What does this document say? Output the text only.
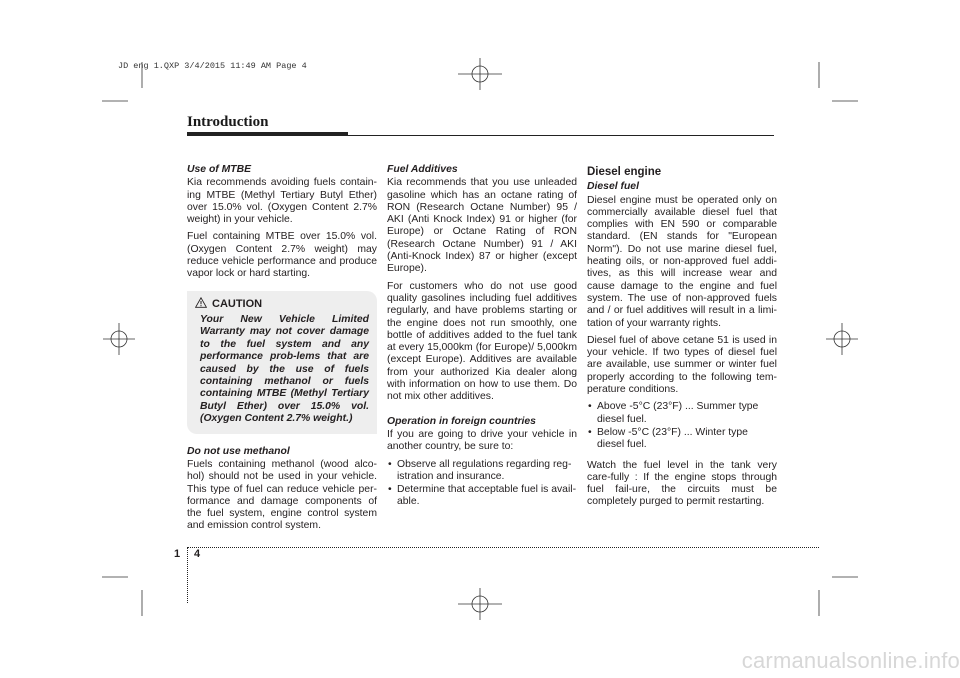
JD eng 1.QXP 3/4/2015 11:49 AM Page 4
Introduction
Use of MTBE

Kia recommends avoiding fuels contain-ing MTBE (Methyl Tertiary Butyl Ether) over 15.0% vol. (Oxygen Content 2.7% weight) in your vehicle.

Fuel containing MTBE over 15.0% vol. (Oxygen Content 2.7% weight) may reduce vehicle performance and produce vapor lock or hard starting.

CAUTION
Your New Vehicle Limited Warranty may not cover damage to the fuel system and any performance prob-lems that are caused by the use of fuels containing methanol or fuels containing MTBE (Methyl Tertiary Butyl Ether) over 15.0% vol. (Oxygen Content 2.7% weight.)
Do not use methanol

Fuels containing methanol (wood alco-hol) should not be used in your vehicle. This type of fuel can reduce vehicle per-formance and damage components of the fuel system, engine control system and emission control system.

Fuel Additives

Kia recommends that you use unleaded gasoline which has an octane rating of RON (Research Octane Number) 95 / AKI (Anti Knock Index) 91 or higher (for Europe) or Octane Rating of RON (Research Octane Number) 91 / AKI (Anti-Knock Index) 87 or higher (except Europe).

For customers who do not use good quality gasolines including fuel additives regularly, and have problems starting or the engine does not run smoothly, one bottle of additives added to the fuel tank at every 15,000km (for Europe)/ 5,000km (except Europe). Additives are available from your authorized Kia dealer along with information on how to use them. Do not mix other additives.

Operation in foreign countries

If you are going to drive your vehicle in another country, be sure to:

• Observe all regulations regarding reg-istration and insurance.
• Determine that acceptable fuel is avail-able.
Diesel engine
Diesel fuel

Diesel engine must be operated only on commercially available diesel fuel that complies with EN 590 or comparable standard. (EN stands for "European Norm"). Do not use marine diesel fuel, heating oils, or non-approved fuel addi-tives, as this will increase wear and cause damage to the engine and fuel system. The use of non-approved fuels and / or fuel additives will result in a limi-tation of your warranty rights.

Diesel fuel of above cetane 51 is used in your vehicle. If two types of diesel fuel are available, use summer or winter fuel properly according to the following tem-perature conditions.

• Above -5°C (23°F) ... Summer type diesel fuel.
• Below -5°C (23°F) ... Winter type diesel fuel.

Watch the fuel level in the tank very care-fully : If the engine stops through fuel fail-ure, the circuits must be completely purged to permit restarting.

1 4
carmanualsonline.info
